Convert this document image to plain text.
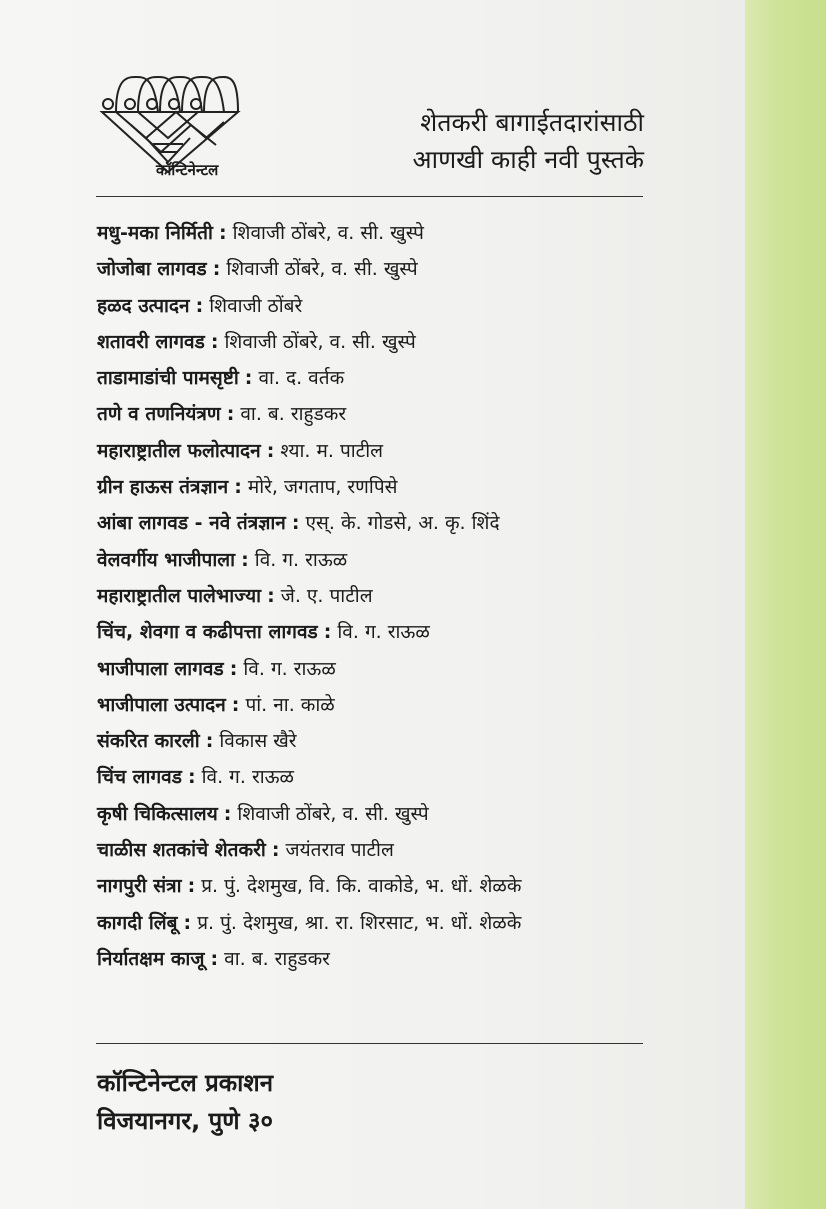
कॉन्टिनेन्टल
शेतकरी बागाईतदारांसाठी
आणखी काही नवी पुस्तके
मधु-मका निर्मिती : शिवाजी ठोंबरे, व. सी. खुस्पे
जोजोबा लागवड : शिवाजी ठोंबरे, व. सी. खुस्पे
हळद उत्पादन : शिवाजी ठोंबरे
शतावरी लागवड : शिवाजी ठोंबरे, व. सी. खुस्पे
ताडामाडांची पामसृष्टी : वा. द. वर्तक
तणे व तणनियंत्रण : वा. ब. राहुडकर
महाराष्ट्रातील फलोत्पादन : श्या. म. पाटील
ग्रीन हाऊस तंत्रज्ञान : मोरे, जगताप, रणपिसे
आंबा लागवड - नवे तंत्रज्ञान : एस्. के. गोडसे, अ. कृ. शिंदे
वेलवर्गीय भाजीपाला : वि. ग. राऊळ
महाराष्ट्रातील पालेभाज्या : जे. ए. पाटील
चिंच, शेवगा व कढीपत्ता लागवड : वि. ग. राऊळ
भाजीपाला लागवड : वि. ग. राऊळ
भाजीपाला उत्पादन : पां. ना. काळे
संकरित कारली : विकास खैरे
चिंच लागवड : वि. ग. राऊळ
कृषी चिकित्सालय : शिवाजी ठोंबरे, व. सी. खुस्पे
चाळीस शतकांचे शेतकरी : जयंतराव पाटील
नागपुरी संत्रा : प्र. पुं. देशमुख, वि. कि. वाकोडे, भ. धों. शेळके
कागदी लिंबू : प्र. पुं. देशमुख, श्रा. रा. शिरसाट, भ. धों. शेळके
निर्यातक्षम काजू : वा. ब. राहुडकर
कॉन्टिनेन्टल प्रकाशन
विजयानगर, पुणे ३०
